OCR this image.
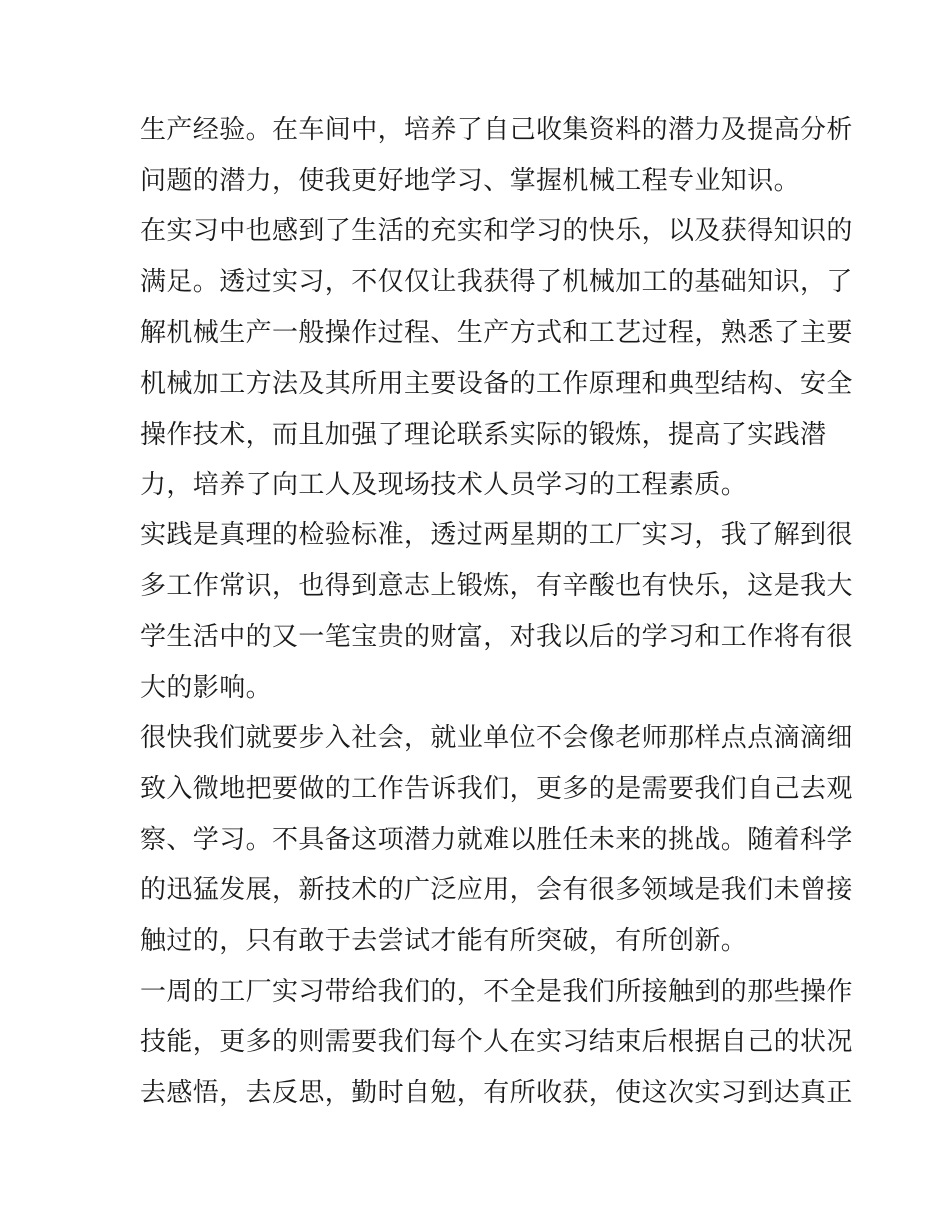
生产经验。在车间中，培养了自己收集资料的潜力及提高分析

问题的潜力，使我更好地学习、掌握机械工程专业知识。

在实习中也感到了生活的充实和学习的快乐，以及获得知识的

满足。透过实习，不仅仅让我获得了机械加工的基础知识，了

解机械生产一般操作过程、生产方式和工艺过程，熟悉了主要

机械加工方法及其所用主要设备的工作原理和典型结构、安全

操作技术，而且加强了理论联系实际的锻炼，提高了实践潜

力，培养了向工人及现场技术人员学习的工程素质。

实践是真理的检验标准，透过两星期的工厂实习，我了解到很

多工作常识，也得到意志上锻炼，有辛酸也有快乐，这是我大

学生活中的又一笔宝贵的财富，对我以后的学习和工作将有很

大的影响。

很快我们就要步入社会，就业单位不会像老师那样点点滴滴细

致入微地把要做的工作告诉我们，更多的是需要我们自己去观

察、学习。不具备这项潜力就难以胜任未来的挑战。随着科学

的迅猛发展，新技术的广泛应用，会有很多领域是我们未曾接

触过的，只有敢于去尝试才能有所突破，有所创新。

一周的工厂实习带给我们的，不全是我们所接触到的那些操作

技能，更多的则需要我们每个人在实习结束后根据自己的状况

去感悟，去反思，勤时自勉，有所收获，使这次实习到达真正
